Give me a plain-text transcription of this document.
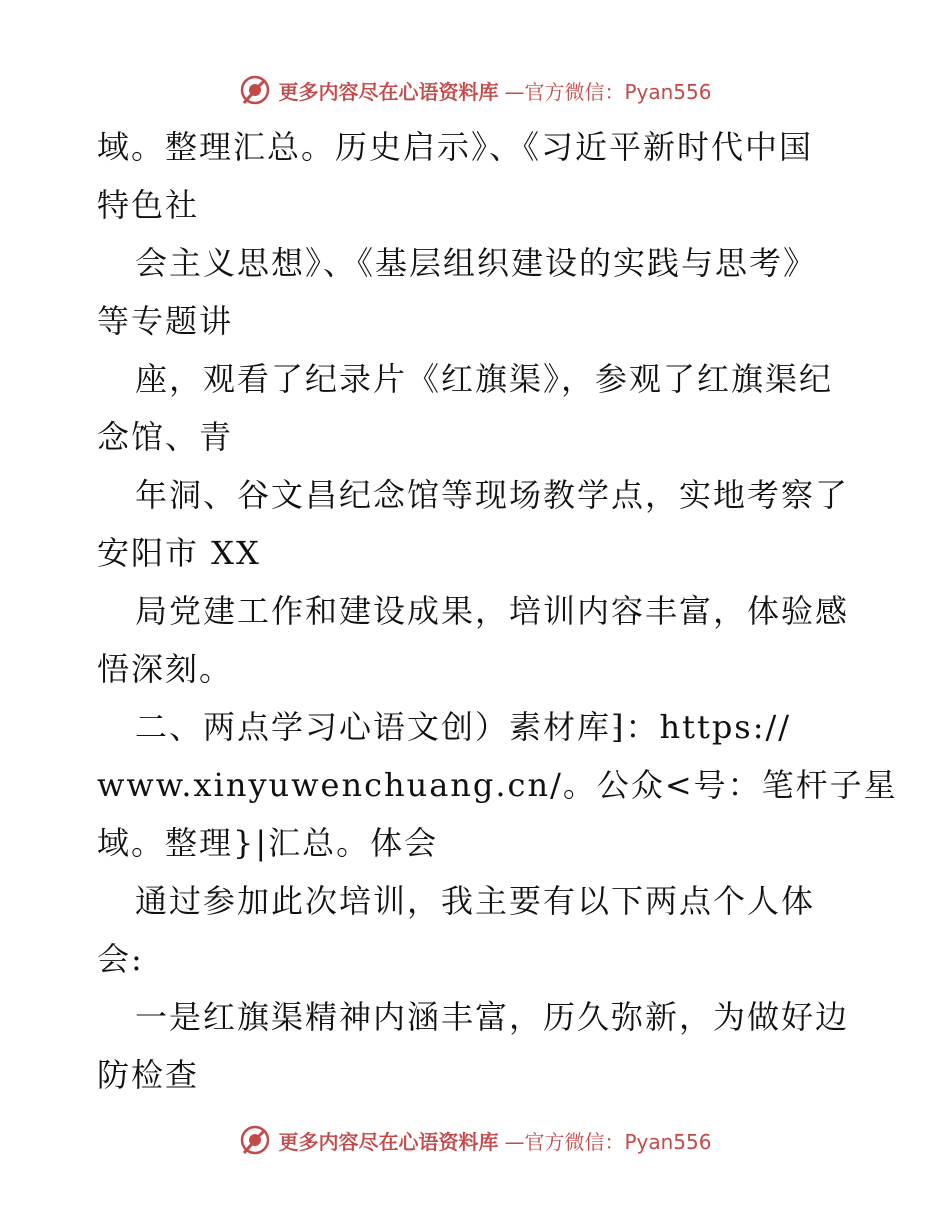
更多内容尽在心语资料库 —官方微信：Pyan556
域。整理汇总。历史启示》、《习近平新时代中国
特色社
会主义思想》、《基层组织建设的实践与思考》
等专题讲
座，观看了纪录片《红旗渠》，参观了红旗渠纪
念馆、青
年洞、谷文昌纪念馆等现场教学点，实地考察了
安阳市 XX
局党建工作和建设成果，培训内容丰富，体验感
悟深刻。
二、两点学习心语文创）素材库⁆：https://
www.xinyuwenchuang.cn/。公众<号：笔杆子星
域。整理}|汇总。体会
通过参加此次培训，我主要有以下两点个人体
会:
一是红旗渠精神内涵丰富，历久弥新，为做好边
防检查
更多内容尽在心语资料库 —官方微信：Pyan556
